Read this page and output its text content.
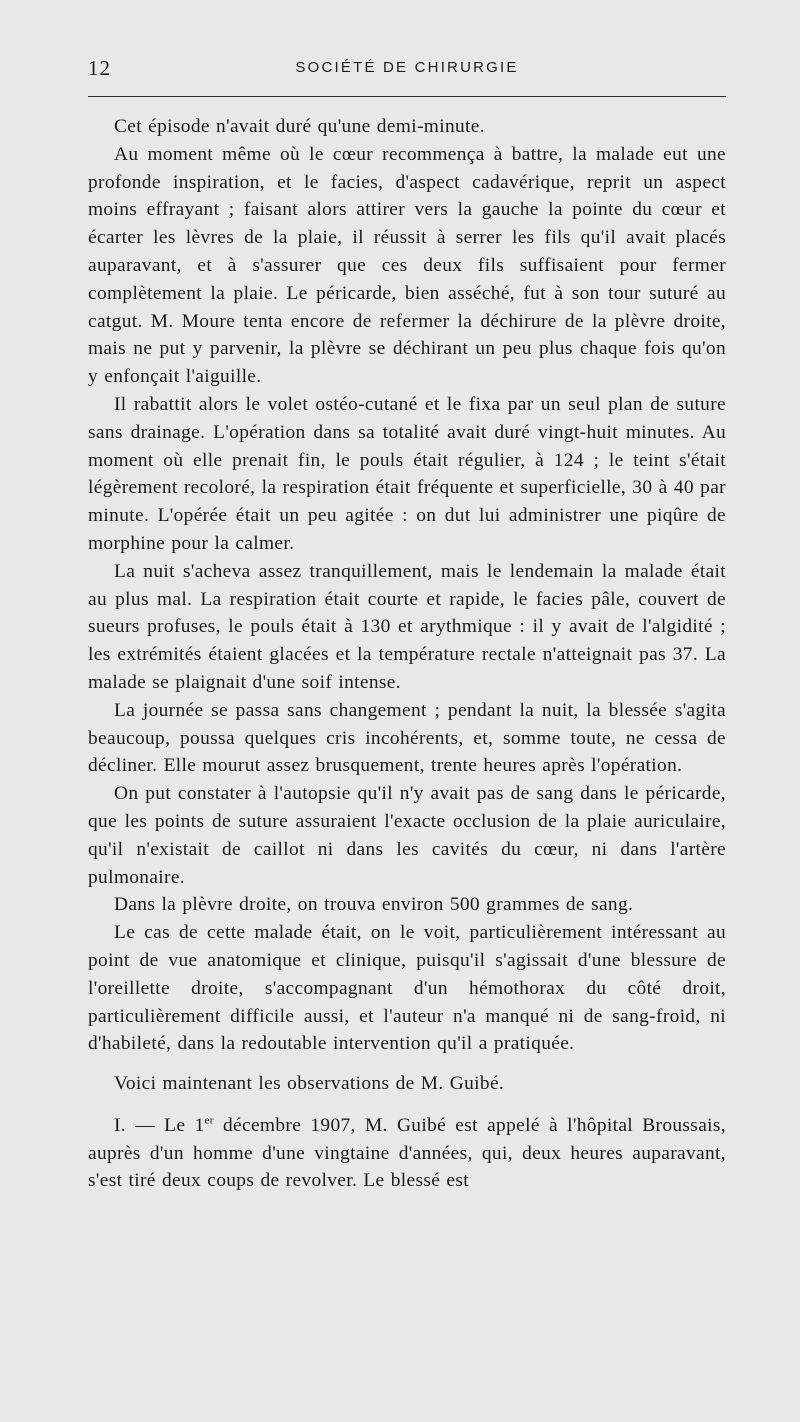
12	SOCIÉTÉ DE CHIRURGIE

Cet épisode n'avait duré qu'une demi-minute.

Au moment même où le cœur recommença à battre, la malade eut une profonde inspiration, et le facies, d'aspect cadavérique, reprit un aspect moins effrayant ; faisant alors attirer vers la gauche la pointe du cœur et écarter les lèvres de la plaie, il réussit à serrer les fils qu'il avait placés auparavant, et à s'assurer que ces deux fils suffisaient pour fermer complètement la plaie. Le péricarde, bien asséché, fut à son tour suturé au catgut. M. Moure tenta encore de refermer la déchirure de la plèvre droite, mais ne put y parvenir, la plèvre se déchirant un peu plus chaque fois qu'on y enfonçait l'aiguille.

Il rabattit alors le volet ostéo-cutané et le fixa par un seul plan de suture sans drainage. L'opération dans sa totalité avait duré vingt-huit minutes. Au moment où elle prenait fin, le pouls était régulier, à 124 ; le teint s'était légèrement recoloré, la respiration était fréquente et superficielle, 30 à 40 par minute. L'opérée était un peu agitée : on dut lui administrer une piqûre de morphine pour la calmer.

La nuit s'acheva assez tranquillement, mais le lendemain la malade était au plus mal. La respiration était courte et rapide, le facies pâle, couvert de sueurs profuses, le pouls était à 130 et arythmique : il y avait de l'algidité ; les extrémités étaient glacées et la température rectale n'atteignait pas 37. La malade se plaignait d'une soif intense.

La journée se passa sans changement ; pendant la nuit, la blessée s'agita beaucoup, poussa quelques cris incohérents, et, somme toute, ne cessa de décliner. Elle mourut assez brusquement, trente heures après l'opération.

On put constater à l'autopsie qu'il n'y avait pas de sang dans le péricarde, que les points de suture assuraient l'exacte occlusion de la plaie auriculaire, qu'il n'existait de caillot ni dans les cavités du cœur, ni dans l'artère pulmonaire.

Dans la plèvre droite, on trouva environ 500 grammes de sang.

Le cas de cette malade était, on le voit, particulièrement intéressant au point de vue anatomique et clinique, puisqu'il s'agissait d'une blessure de l'oreillette droite, s'accompagnant d'un hémothorax du côté droit, particulièrement difficile aussi, et l'auteur n'a manqué ni de sang-froid, ni d'habileté, dans la redoutable intervention qu'il a pratiquée.

Voici maintenant les observations de M. Guibé.

I. — Le 1er décembre 1907, M. Guibé est appelé à l'hôpital Broussais, auprès d'un homme d'une vingtaine d'années, qui, deux heures auparavant, s'est tiré deux coups de revolver. Le blessé est
